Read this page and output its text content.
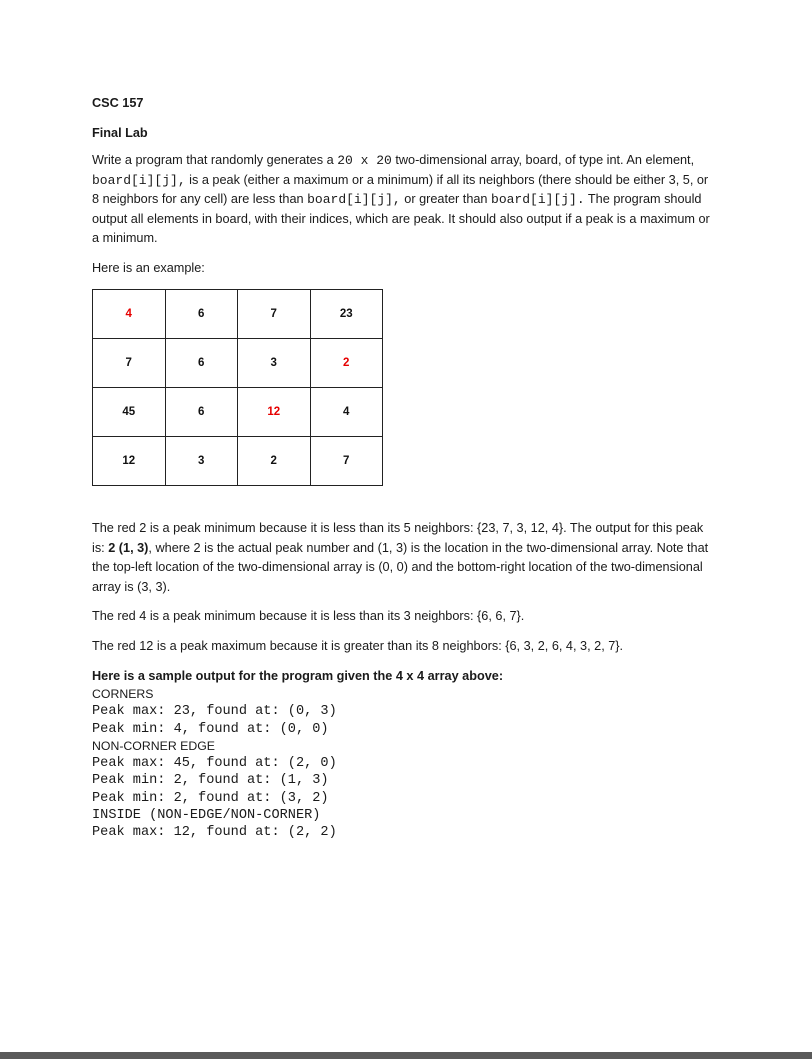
CSC 157
Final Lab

Write a program that randomly generates a 20 x 20 two-dimensional array, board, of type int. An element, board[i][j], is a peak (either a maximum or a minimum) if all its neighbors (there should be either 3, 5, or 8 neighbors for any cell) are less than board[i][j], or greater than board[i][j]. The program should output all elements in board, with their indices, which are peak. It should also output if a peak is a maximum or a minimum.

Here is an example:

4	6	7	23
7	6	3	2
45	6	12	4
12	3	2	7

The red 2 is a peak minimum because it is less than its 5 neighbors: {23, 7, 3, 12, 4}. The output for this peak is: 2 (1, 3), where 2 is the actual peak number and (1, 3) is the location in the two-dimensional array. Note that the top-left location of the two-dimensional array is (0, 0) and the bottom-right location of the two-dimensional array is (3, 3).

The red 4 is a peak minimum because it is less than its 3 neighbors: {6, 6, 7}.

The red 12 is a peak maximum because it is greater than its 8 neighbors: {6, 3, 2, 6, 4, 3, 2, 7}.

Here is a sample output for the program given the 4 x 4 array above:

CORNERS
Peak max: 23, found at: (0, 3)
Peak min: 4, found at: (0, 0)
NON-CORNER EDGE
Peak max: 45, found at: (2, 0)
Peak min: 2, found at: (1, 3)
Peak min: 2, found at: (3, 2)
INSIDE (NON-EDGE/NON-CORNER)
Peak max: 12, found at: (2, 2)
